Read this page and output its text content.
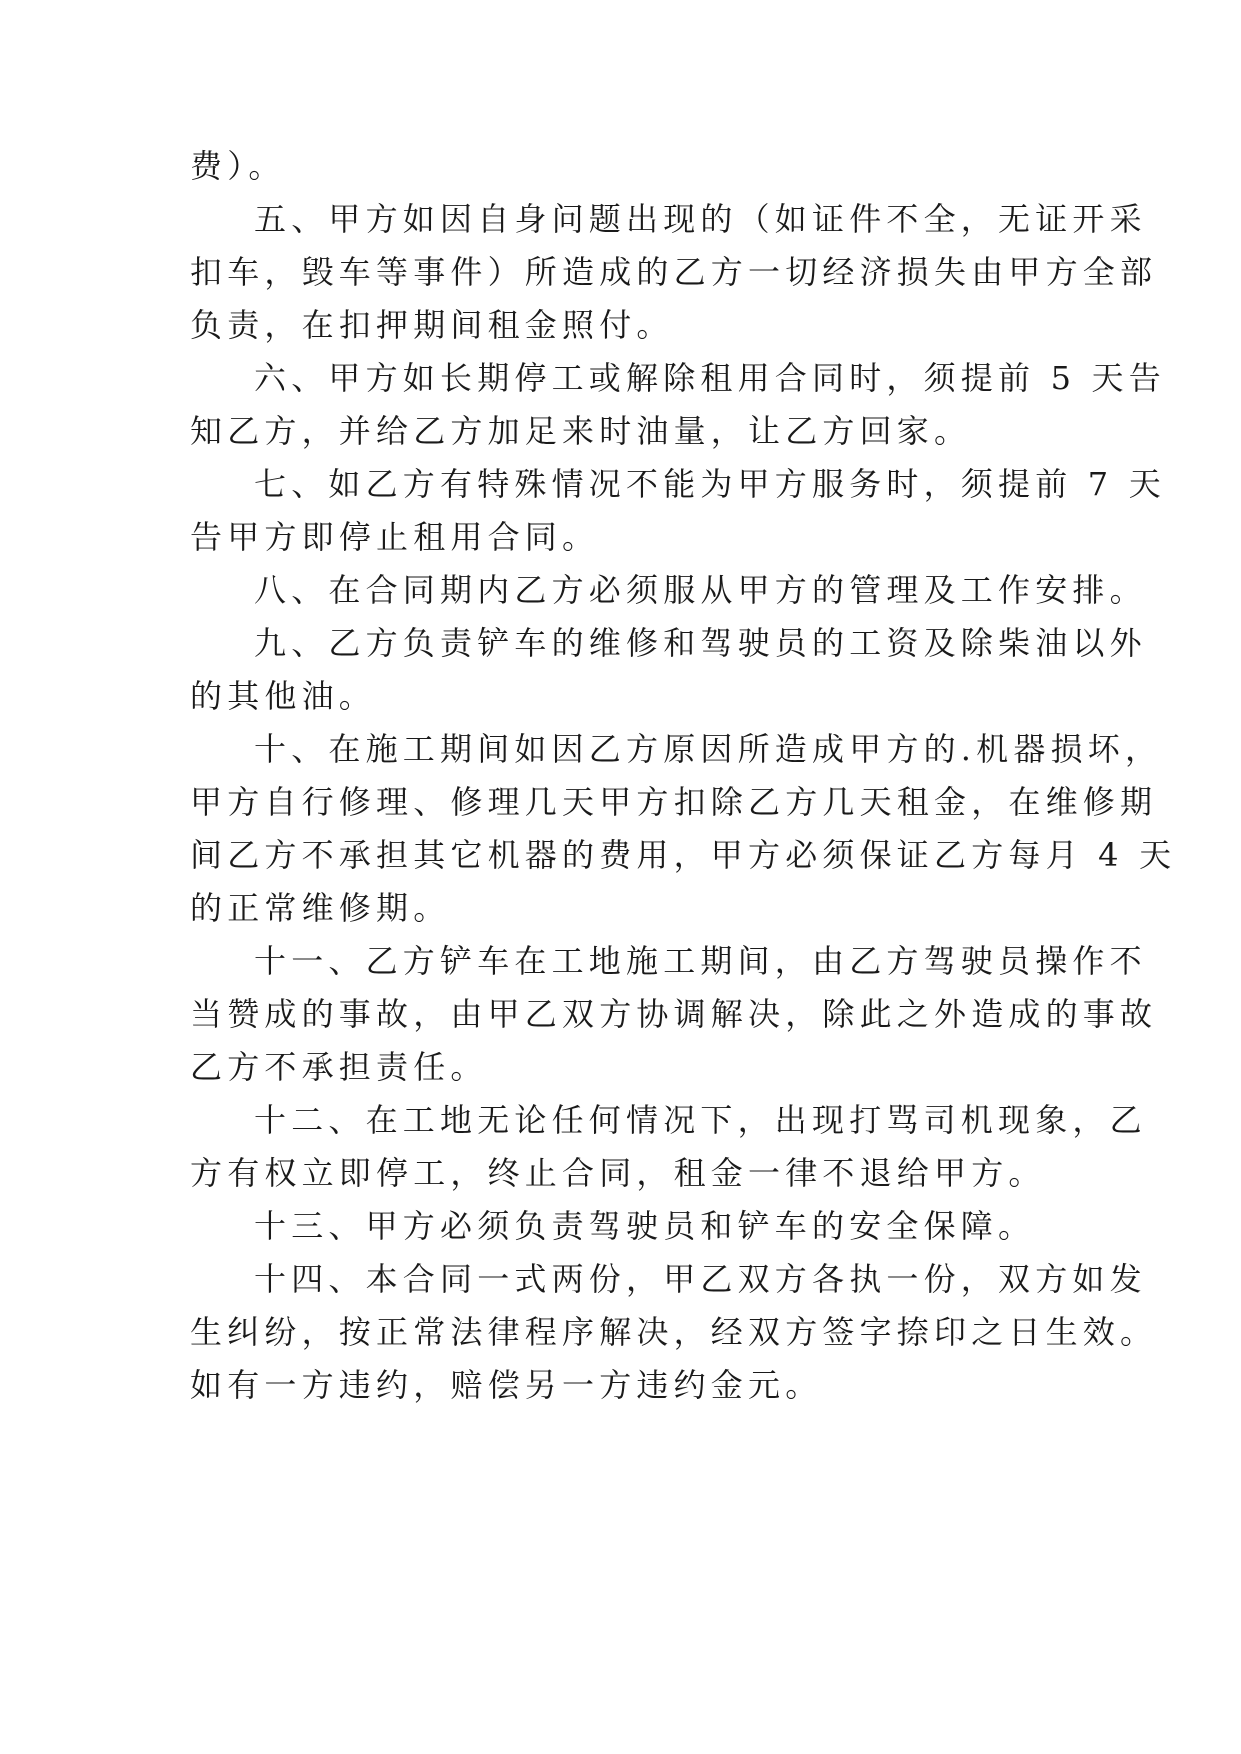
费）。

五、甲方如因自身问题出现的（如证件不全，无证开采

扣车，毁车等事件）所造成的乙方一切经济损失由甲方全部

负责，在扣押期间租金照付。

六、甲方如长期停工或解除租用合同时，须提前 5 天告

知乙方，并给乙方加足来时油量，让乙方回家。

七、如乙方有特殊情况不能为甲方服务时，须提前 7 天

告甲方即停止租用合同。

八、在合同期内乙方必须服从甲方的管理及工作安排。

九、乙方负责铲车的维修和驾驶员的工资及除柴油以外

的其他油。

十、在施工期间如因乙方原因所造成甲方的.机器损坏，

甲方自行修理、修理几天甲方扣除乙方几天租金，在维修期

间乙方不承担其它机器的费用，甲方必须保证乙方每月 4 天

的正常维修期。

十一、乙方铲车在工地施工期间，由乙方驾驶员操作不

当赞成的事故，由甲乙双方协调解决，除此之外造成的事故

乙方不承担责任。

十二、在工地无论任何情况下，出现打骂司机现象，乙

方有权立即停工，终止合同，租金一律不退给甲方。

十三、甲方必须负责驾驶员和铲车的安全保障。

十四、本合同一式两份，甲乙双方各执一份，双方如发

生纠纷，按正常法律程序解决，经双方签字捺印之日生效。

如有一方违约，赔偿另一方违约金元。
